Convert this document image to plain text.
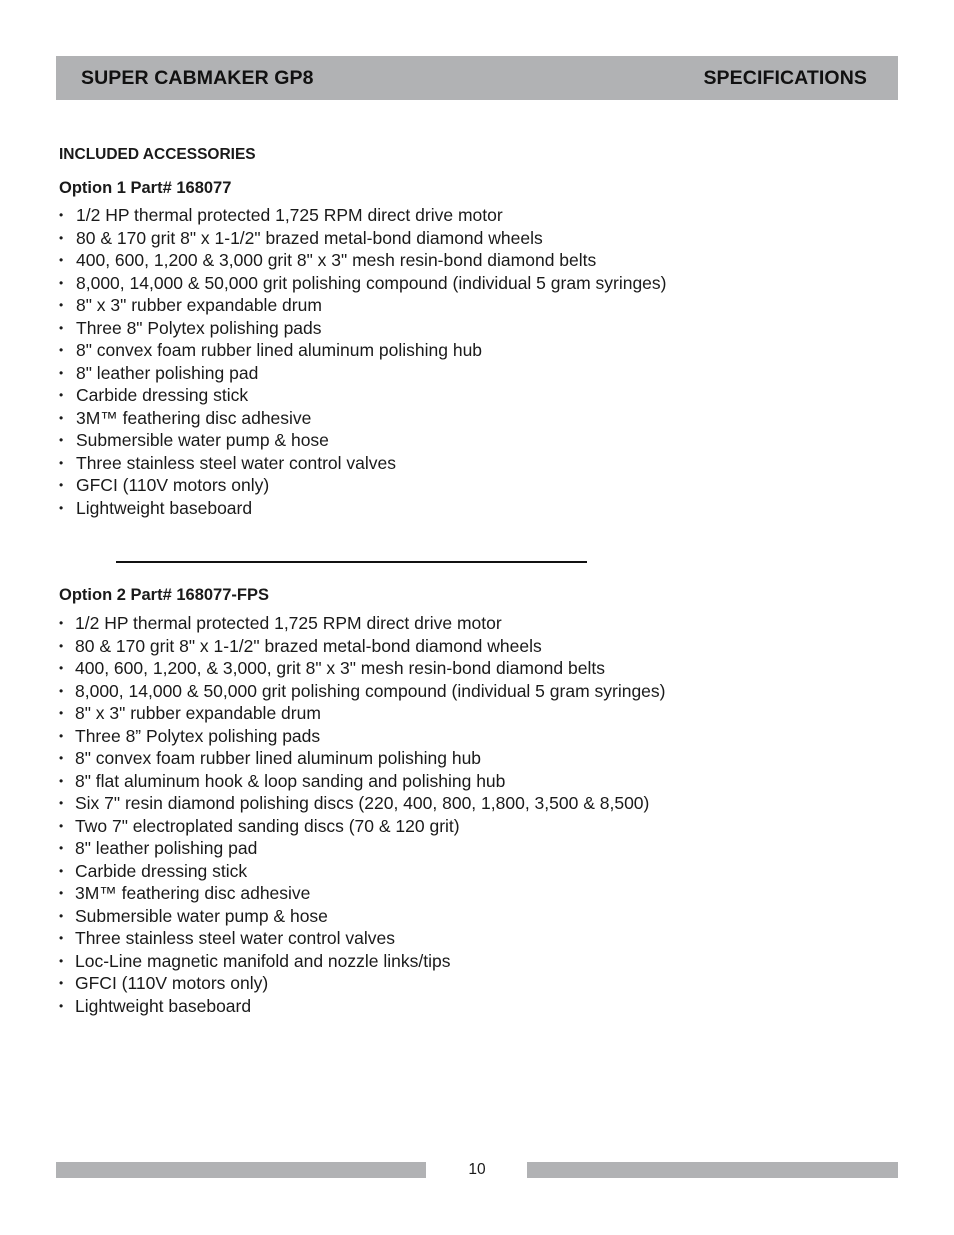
SUPER CABMAKER GP8	SPECIFICATIONS
INCLUDED ACCESSORIES
Option 1 Part# 168077
• 1/2 HP thermal protected 1,725 RPM direct drive motor
• 80 & 170 grit 8" x 1-1/2" brazed metal-bond diamond wheels
• 400, 600, 1,200 & 3,000 grit 8" x 3" mesh resin-bond diamond belts
• 8,000, 14,000 & 50,000 grit polishing compound (individual 5 gram syringes)
• 8" x 3" rubber expandable drum
• Three 8" Polytex polishing pads
• 8" convex foam rubber lined aluminum polishing hub
• 8" leather polishing pad
• Carbide dressing stick
• 3M™ feathering disc adhesive
• Submersible water pump & hose
• Three stainless steel water control valves
• GFCI (110V motors only)
• Lightweight baseboard
Option 2 Part# 168077-FPS
• 1/2 HP thermal protected 1,725 RPM direct drive motor
• 80 & 170 grit 8" x 1-1/2" brazed metal-bond diamond wheels
• 400, 600, 1,200, & 3,000, grit 8" x 3" mesh resin-bond diamond belts
• 8,000, 14,000 & 50,000 grit polishing compound (individual 5 gram syringes)
• 8" x 3" rubber expandable drum
• Three 8” Polytex polishing pads
• 8" convex foam rubber lined aluminum polishing hub
• 8" flat aluminum hook & loop sanding and polishing hub
• Six 7" resin diamond polishing discs (220, 400, 800, 1,800, 3,500 & 8,500)
• Two 7" electroplated sanding discs (70 & 120 grit)
• 8" leather polishing pad
• Carbide dressing stick
• 3M™ feathering disc adhesive
• Submersible water pump & hose
• Three stainless steel water control valves
• Loc-Line magnetic manifold and nozzle links/tips
• GFCI (110V motors only)
• Lightweight baseboard
10
